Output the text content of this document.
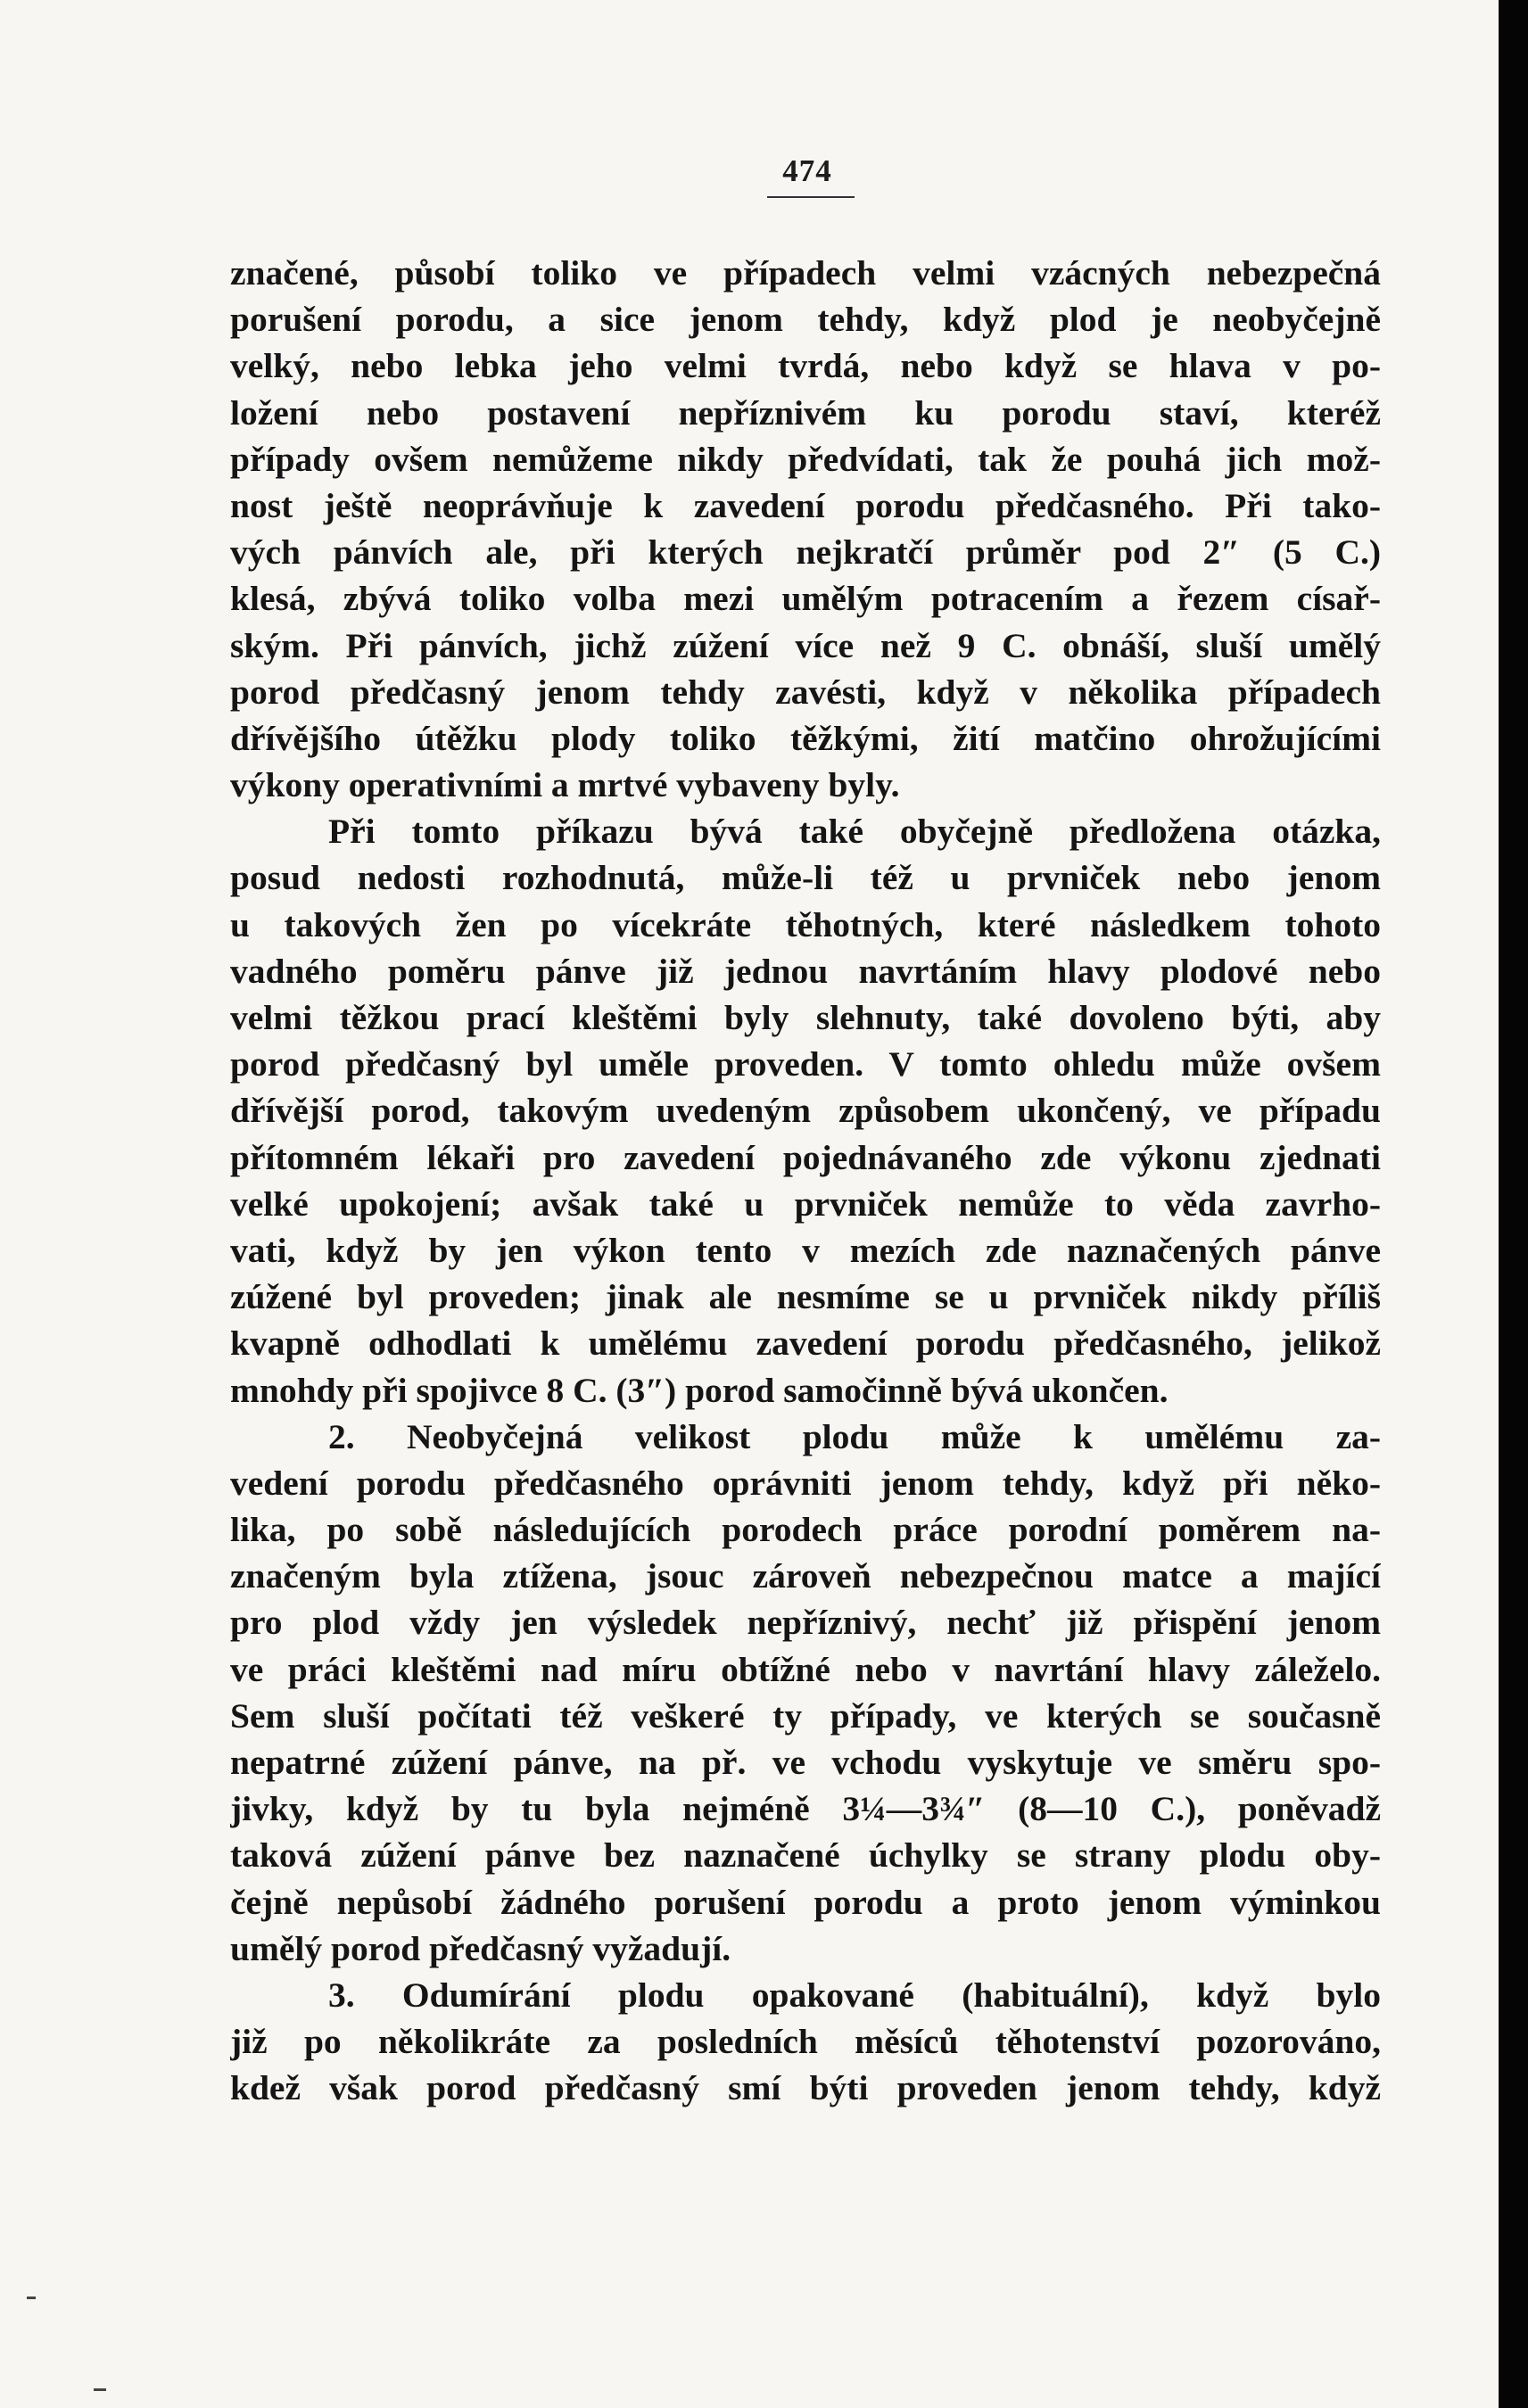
474
značené, působí toliko ve případech velmi vzácných nebezpečná
porušení porodu, a sice jenom tehdy, když plod je neobyčejně
velký, nebo lebka jeho velmi tvrdá, nebo když se hlava v po-
ložení nebo postavení nepříznivém ku porodu staví, kteréž
případy ovšem nemůžeme nikdy předvídati, tak že pouhá jich mož-
nost ještě neoprávňuje k zavedení porodu předčasného. Při tako-
vých pánvích ale, při kterých nejkratčí průměr pod 2″ (5 C.)
klesá, zbývá toliko volba mezi umělým potracením a řezem císař-
ským. Při pánvích, jichž zúžení více než 9 C. obnáší, sluší umělý
porod předčasný jenom tehdy zavésti, když v několika případech
dřívějšího útěžku plody toliko těžkými, žití matčino ohrožujícími
výkony operativními a mrtvé vybaveny byly.
Při tomto příkazu bývá také obyčejně předložena otázka,
posud nedosti rozhodnutá, může-li též u prvniček nebo jenom
u takových žen po vícekráte těhotných, které následkem tohoto
vadného poměru pánve již jednou navrtáním hlavy plodové nebo
velmi těžkou prací kleštěmi byly slehnuty, také dovoleno býti, aby
porod předčasný byl uměle proveden. V tomto ohledu může ovšem
dřívější porod, takovým uvedeným způsobem ukončený, ve případu
přítomném lékaři pro zavedení pojednávaného zde výkonu zjednati
velké upokojení; avšak také u prvniček nemůže to věda zavrho-
vati, když by jen výkon tento v mezích zde naznačených pánve
zúžené byl proveden; jinak ale nesmíme se u prvniček nikdy příliš
kvapně odhodlati k umělému zavedení porodu předčasného, jelikož
mnohdy při spojivce 8 C. (3″) porod samočinně bývá ukončen.
2. Neobyčejná velikost plodu může k umělému za-
vedení porodu předčasného oprávniti jenom tehdy, když při něko-
lika, po sobě následujících porodech práce porodní poměrem na-
značeným byla ztížena, jsouc zároveň nebezpečnou matce a mající
pro plod vždy jen výsledek nepříznivý, nechť již přispění jenom
ve práci kleštěmi nad míru obtížné nebo v navrtání hlavy záleželo.
Sem sluší počítati též veškeré ty případy, ve kterých se současně
nepatrné zúžení pánve, na př. ve vchodu vyskytuje ve směru spo-
jivky, když by tu byla nejméně 3¼—3¾″ (8—10 C.), poněvadž
taková zúžení pánve bez naznačené úchylky se strany plodu oby-
čejně nepůsobí žádného porušení porodu a proto jenom výminkou
umělý porod předčasný vyžadují.
3. Odumírání plodu opakované (habituální), když bylo
již po několikráte za posledních měsíců těhotenství pozorováno,
kdež však porod předčasný smí býti proveden jenom tehdy, když
